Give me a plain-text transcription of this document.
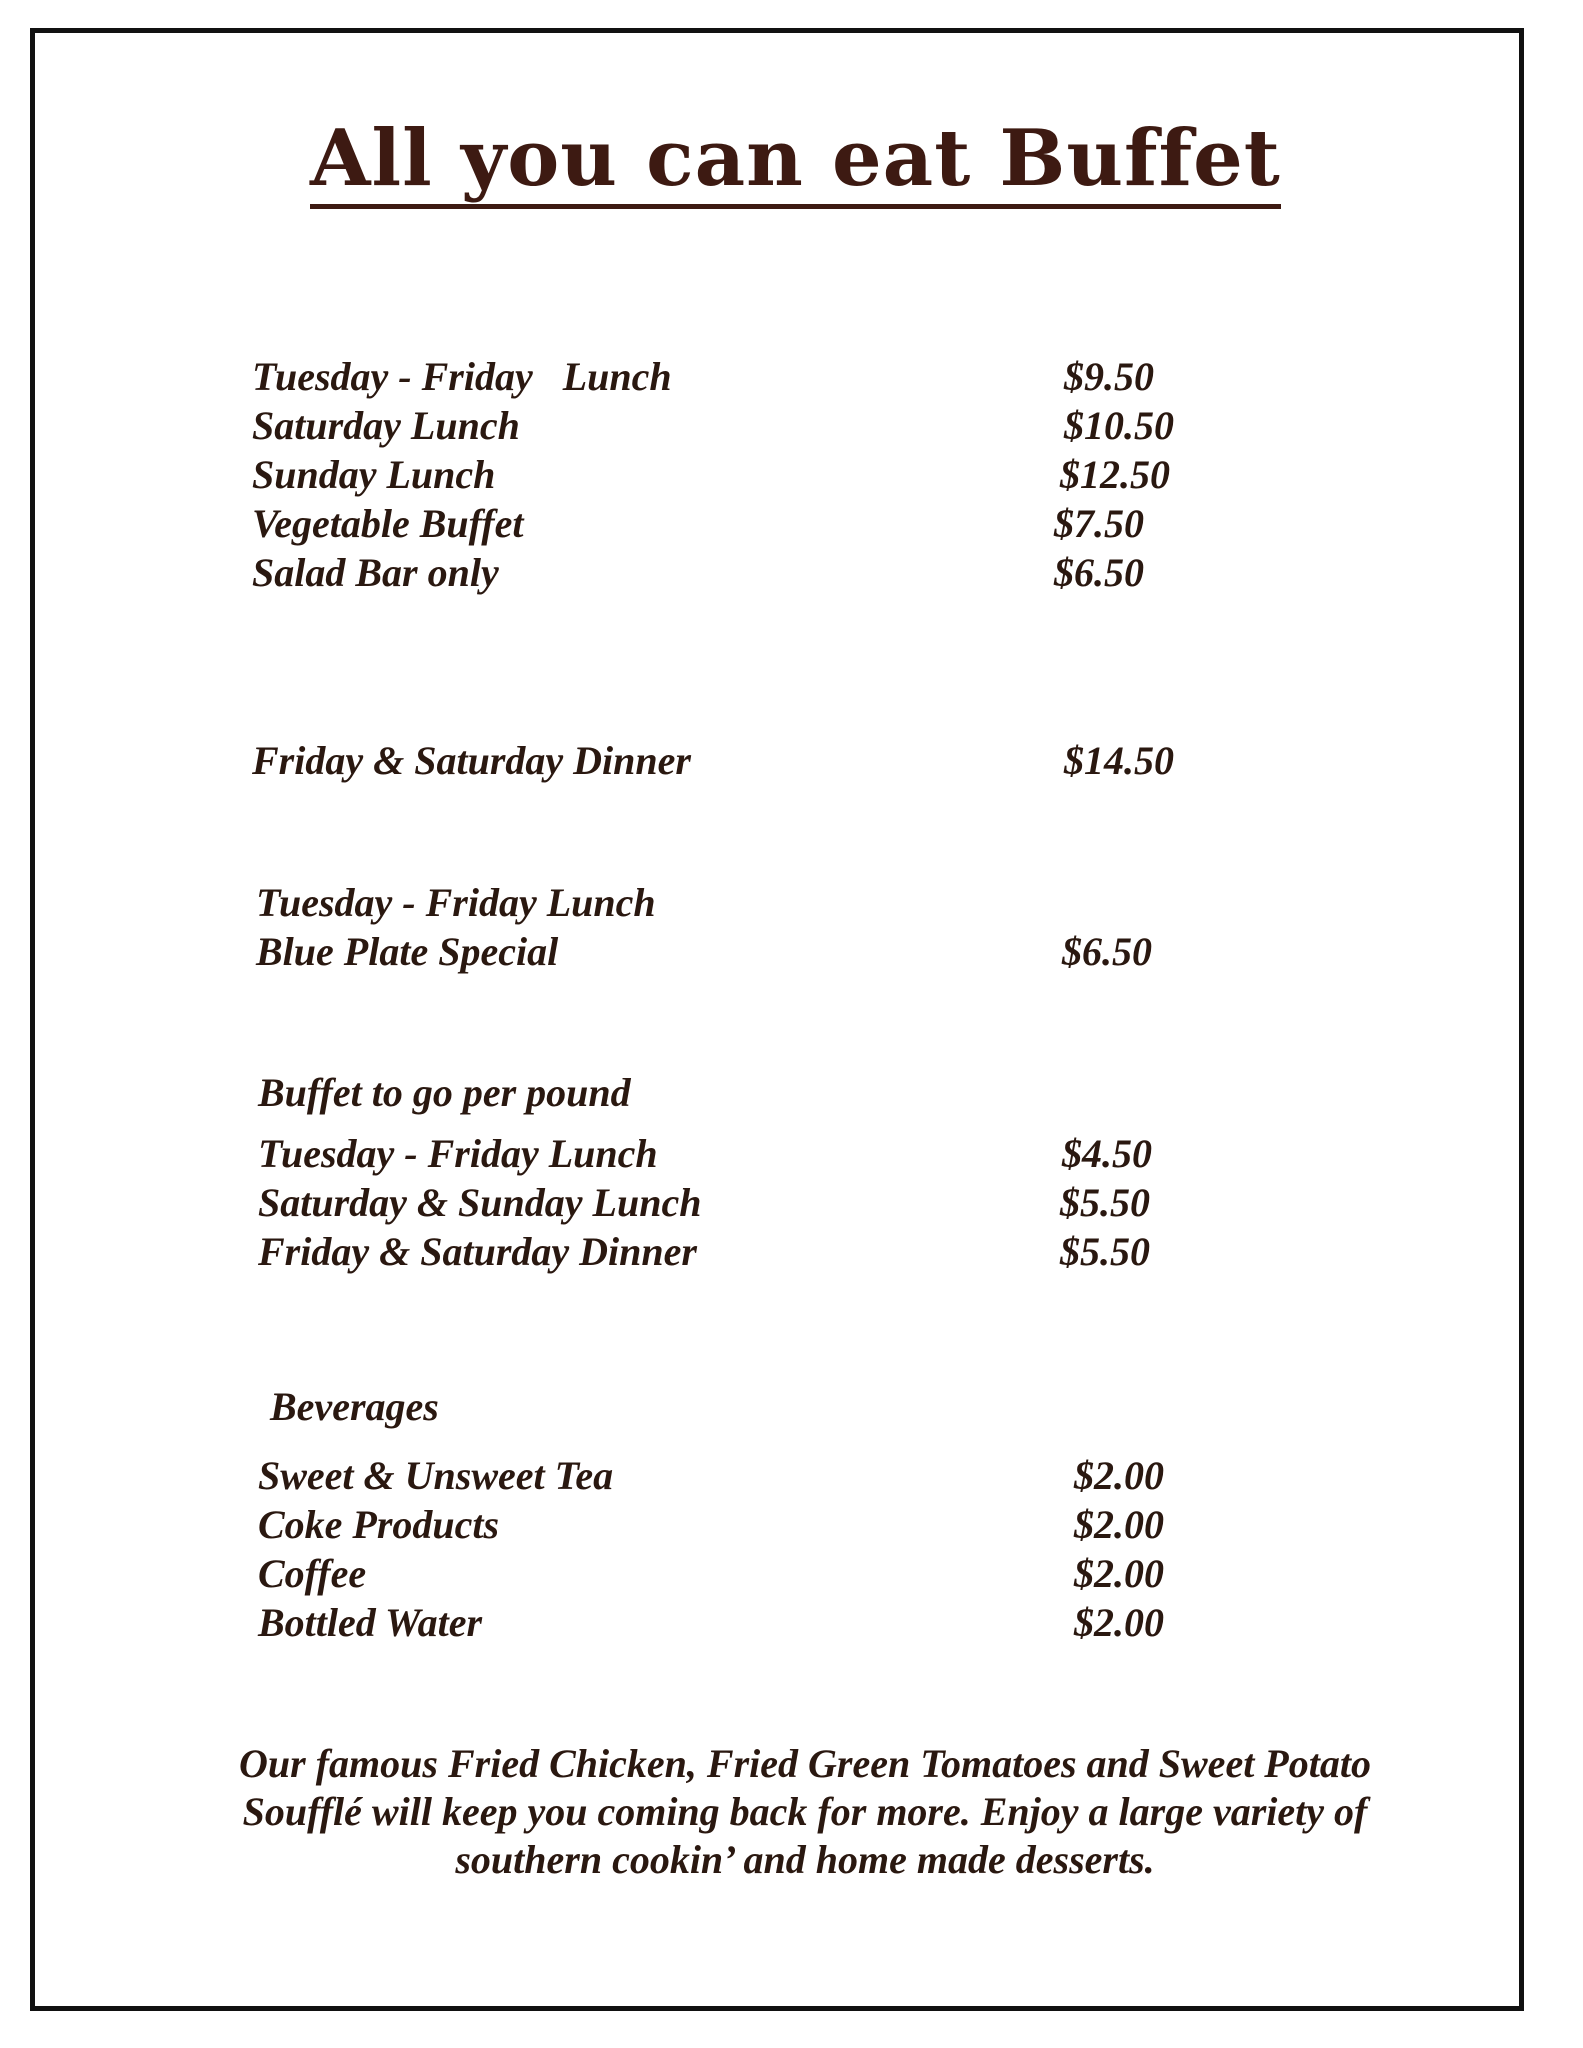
All you can eat Buffet
Tuesday - Friday   Lunch	$9.50
Saturday Lunch	$10.50
Sunday Lunch	$12.50
Vegetable Buffet	$7.50
Salad Bar only	$6.50
Friday & Saturday Dinner	$14.50
Tuesday - Friday Lunch
Blue Plate Special	$6.50
Buffet to go per pound
Tuesday - Friday Lunch	$4.50
Saturday & Sunday Lunch	$5.50
Friday & Saturday Dinner	$5.50
Beverages
Sweet & Unsweet Tea	$2.00
Coke Products	$2.00
Coffee	$2.00
Bottled Water	$2.00

Our famous Fried Chicken, Fried Green Tomatoes and Sweet Potato Soufflé will keep you coming back for more. Enjoy a large variety of southern cookin’ and home made desserts.
